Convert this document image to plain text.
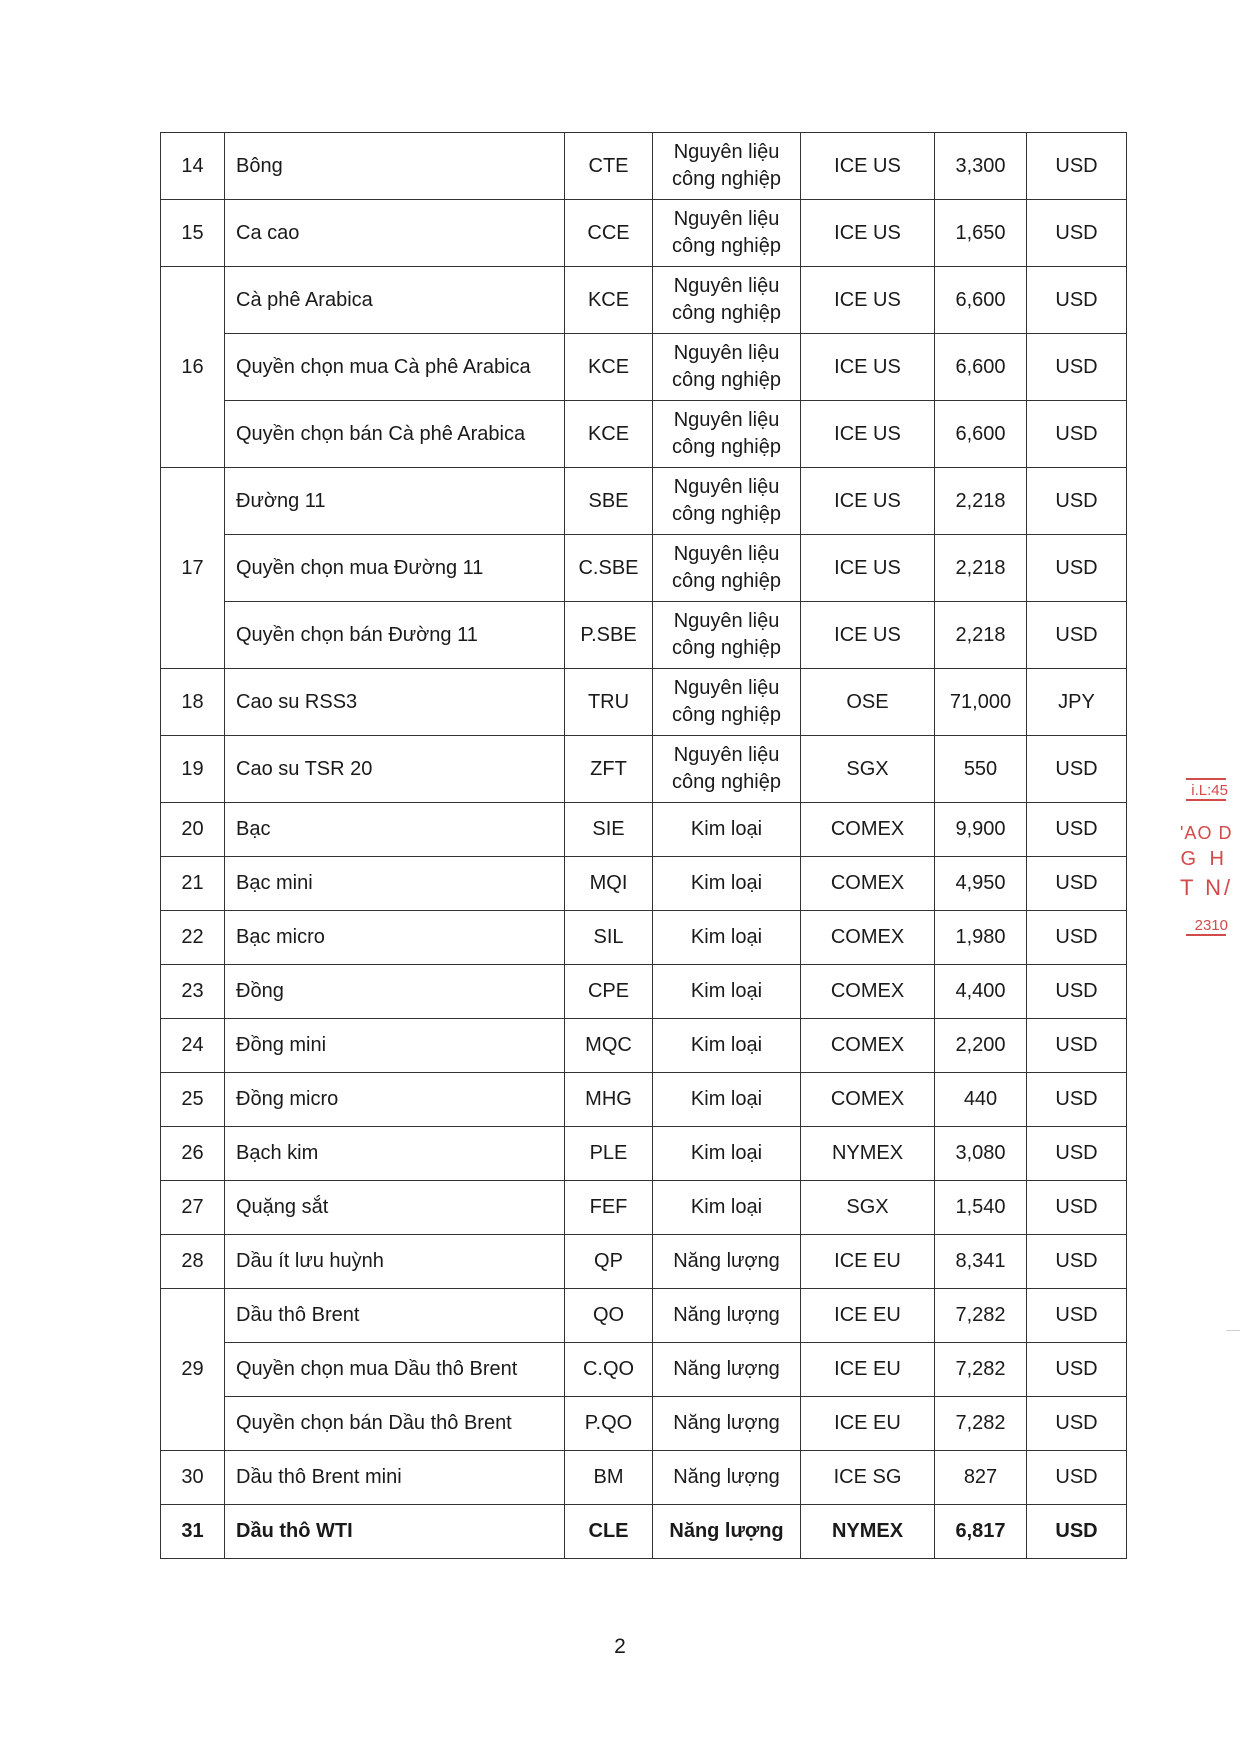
14	Bông	CTE	Nguyên liệu công nghiệp	ICE US	3,300	USD
15	Ca cao	CCE	Nguyên liệu công nghiệp	ICE US	1,650	USD
16	Cà phê Arabica	KCE	Nguyên liệu công nghiệp	ICE US	6,600	USD
	Quyền chọn mua Cà phê Arabica	KCE	Nguyên liệu công nghiệp	ICE US	6,600	USD
	Quyền chọn bán Cà phê Arabica	KCE	Nguyên liệu công nghiệp	ICE US	6,600	USD
17	Đường 11	SBE	Nguyên liệu công nghiệp	ICE US	2,218	USD
	Quyền chọn mua Đường 11	C.SBE	Nguyên liệu công nghiệp	ICE US	2,218	USD
	Quyền chọn bán Đường 11	P.SBE	Nguyên liệu công nghiệp	ICE US	2,218	USD
18	Cao su RSS3	TRU	Nguyên liệu công nghiệp	OSE	71,000	JPY
19	Cao su TSR 20	ZFT	Nguyên liệu công nghiệp	SGX	550	USD
20	Bạc	SIE	Kim loại	COMEX	9,900	USD
21	Bạc mini	MQI	Kim loại	COMEX	4,950	USD
22	Bạc micro	SIL	Kim loại	COMEX	1,980	USD
23	Đồng	CPE	Kim loại	COMEX	4,400	USD
24	Đồng mini	MQC	Kim loại	COMEX	2,200	USD
25	Đồng micro	MHG	Kim loại	COMEX	440	USD
26	Bạch kim	PLE	Kim loại	NYMEX	3,080	USD
27	Quặng sắt	FEF	Kim loại	SGX	1,540	USD
28	Dầu ít lưu huỳnh	QP	Năng lượng	ICE EU	8,341	USD
29	Dầu thô Brent	QO	Năng lượng	ICE EU	7,282	USD
	Quyền chọn mua Dầu thô Brent	C.QO	Năng lượng	ICE EU	7,282	USD
	Quyền chọn bán Dầu thô Brent	P.QO	Năng lượng	ICE EU	7,282	USD
30	Dầu thô Brent mini	BM	Năng lượng	ICE SG	827	USD
31	Dầu thô WTI	CLE	Năng lượng	NYMEX	6,817	USD
2
i.L:45
'AO D
G H
T N/
2310
